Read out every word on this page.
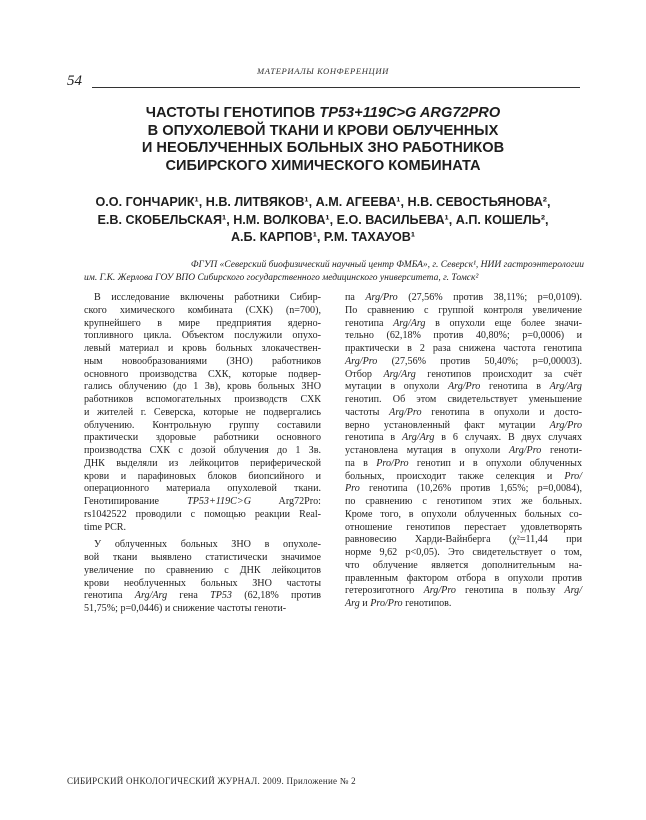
МАТЕРИАЛЫ КОНФЕРЕНЦИИ
54
ЧАСТОТЫ ГЕНОТИПОВ TP53+119C>G ARG72PRO
В ОПУХОЛЕВОЙ ТКАНИ И КРОВИ ОБЛУЧЕННЫХ
И НЕОБЛУЧЕННЫХ БОЛЬНЫХ ЗНО РАБОТНИКОВ
СИБИРСКОГО ХИМИЧЕСКОГО КОМБИНАТА
О.О. ГОНЧАРИК¹, Н.В. ЛИТВЯКОВ¹, А.М. АГЕЕВА¹, Н.В. СЕВОСТЬЯНОВА²,
Е.В. СКОБЕЛЬСКАЯ¹, Н.М. ВОЛКОВА¹, Е.О. ВАСИЛЬЕВА¹, А.П. КОШЕЛЬ²,
А.Б. КАРПОВ¹, Р.М. ТАХАУОВ¹
ФГУП «Северский биофизический научный центр ФМБА», г. Северск¹, НИИ гастроэнтерологии
им. Г.К. Жерлова ГОУ ВПО Сибирского государственного медицинского университета, г. Томск²
В исследование включены работники Сибир-
ского химического комбината (СХК) (n=700),
крупнейшего в мире предприятия ядерно-
топливного цикла. Объектом послужили опухо-
левый материал и кровь больных злокачествен-
ным новообразованиями (ЗНО) работников
основного производства СХК, которые подвер-
гались облучению (до 1 Зв), кровь больных ЗНО
работников вспомогательных производств СХК
и жителей г. Северска, которые не подвергались
облучению. Контрольную группу составили
практически здоровые работники основного
производства СХК с дозой облучения до 1 Зв.
ДНК выделяли из лейкоцитов периферической
крови и парафиновых блоков биопсийного и
операционного материала опухолевой ткани.
Генотипирование TP53+119C>G Arg72Pro:
rs1042522 проводили с помощью реакции Real-
time PCR.
У облученных больных ЗНО в опухоле-
вой ткани выявлено статистически значимое
увеличение по сравнению с ДНК лейкоцитов
крови необлученных больных ЗНО частоты
генотипа Arg/Arg гена TP53 (62,18% против
51,75%; p=0,0446) и снижение частоты геноти-
па Arg/Pro (27,56% против 38,11%; p=0,0109).
По сравнению с группой контроля увеличение
генотипа Arg/Arg в опухоли еще более значи-
тельно (62,18% против 40,80%; p=0,0006) и
практически в 2 раза снижена частота генотипа
Arg/Pro (27,56% против 50,40%; p=0,00003).
Отбор Arg/Arg генотипов происходит за счёт
мутации в опухоли Arg/Pro генотипа в Arg/Arg
генотип. Об этом свидетельствует уменьшение
частоты Arg/Pro генотипа в опухоли и досто-
верно установленный факт мутации Arg/Pro
генотипа в Arg/Arg в 6 случаях. В двух случаях
установлена мутация в опухоли Arg/Pro геноти-
па в Pro/Pro генотип и в опухоли облученных
больных, происходит также селекция и Pro/
Pro генотипа (10,26% против 1,65%; p=0,0084),
по сравнению с генотипом этих же больных.
Кроме того, в опухоли облученных больных со-
отношение генотипов перестает удовлетворять
равновесию Харди-Вайнберга (χ²=11,44 при
норме 9,62 p<0,05). Это свидетельствует о том,
что облучение является дополнительным на-
правленным фактором отбора в опухоли против
гетерозиготного Arg/Pro генотипа в пользу Arg/
Arg и Pro/Pro генотипов.
СИБИРСКИЙ ОНКОЛОГИЧЕСКИЙ ЖУРНАЛ. 2009. Приложение № 2
